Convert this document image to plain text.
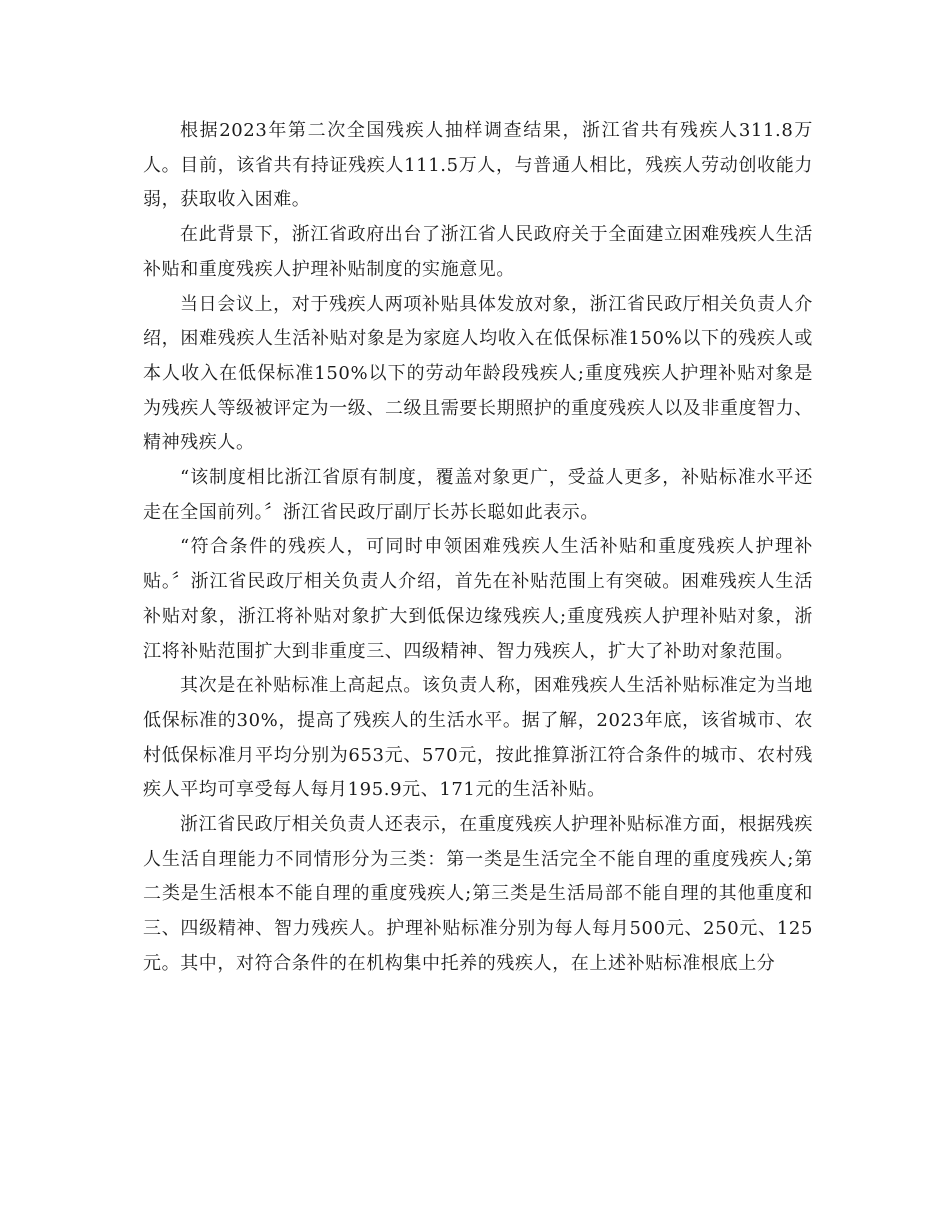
根据2023年第二次全国残疾人抽样调查结果，浙江省共有残疾人311.8万人。目前，该省共有持证残疾人111.5万人，与普通人相比，残疾人劳动创收能力弱，获取收入困难。

在此背景下，浙江省政府出台了浙江省人民政府关于全面建立困难残疾人生活补贴和重度残疾人护理补贴制度的实施意见。

当日会议上，对于残疾人两项补贴具体发放对象，浙江省民政厅相关负责人介绍，困难残疾人生活补贴对象是为家庭人均收入在低保标准150%以下的残疾人或本人收入在低保标准150%以下的劳动年龄段残疾人;重度残疾人护理补贴对象是为残疾人等级被评定为一级、二级且需要长期照护的重度残疾人以及非重度智力、精神残疾人。

“该制度相比浙江省原有制度，覆盖对象更广，受益人更多，补贴标准水平还走在全国前列。〞浙江省民政厅副厅长苏长聪如此表示。

“符合条件的残疾人，可同时申领困难残疾人生活补贴和重度残疾人护理补贴。〞浙江省民政厅相关负责人介绍，首先在补贴范围上有突破。困难残疾人生活补贴对象，浙江将补贴对象扩大到低保边缘残疾人;重度残疾人护理补贴对象，浙江将补贴范围扩大到非重度三、四级精神、智力残疾人，扩大了补助对象范围。

其次是在补贴标准上高起点。该负责人称，困难残疾人生活补贴标准定为当地低保标准的30%，提高了残疾人的生活水平。据了解，2023年底，该省城市、农村低保标准月平均分别为653元、570元，按此推算浙江符合条件的城市、农村残疾人平均可享受每人每月195.9元、171元的生活补贴。

浙江省民政厅相关负责人还表示，在重度残疾人护理补贴标准方面，根据残疾人生活自理能力不同情形分为三类：第一类是生活完全不能自理的重度残疾人;第二类是生活根本不能自理的重度残疾人;第三类是生活局部不能自理的其他重度和三、四级精神、智力残疾人。护理补贴标准分别为每人每月500元、250元、125元。其中，对符合条件的在机构集中托养的残疾人，在上述补贴标准根底上分
